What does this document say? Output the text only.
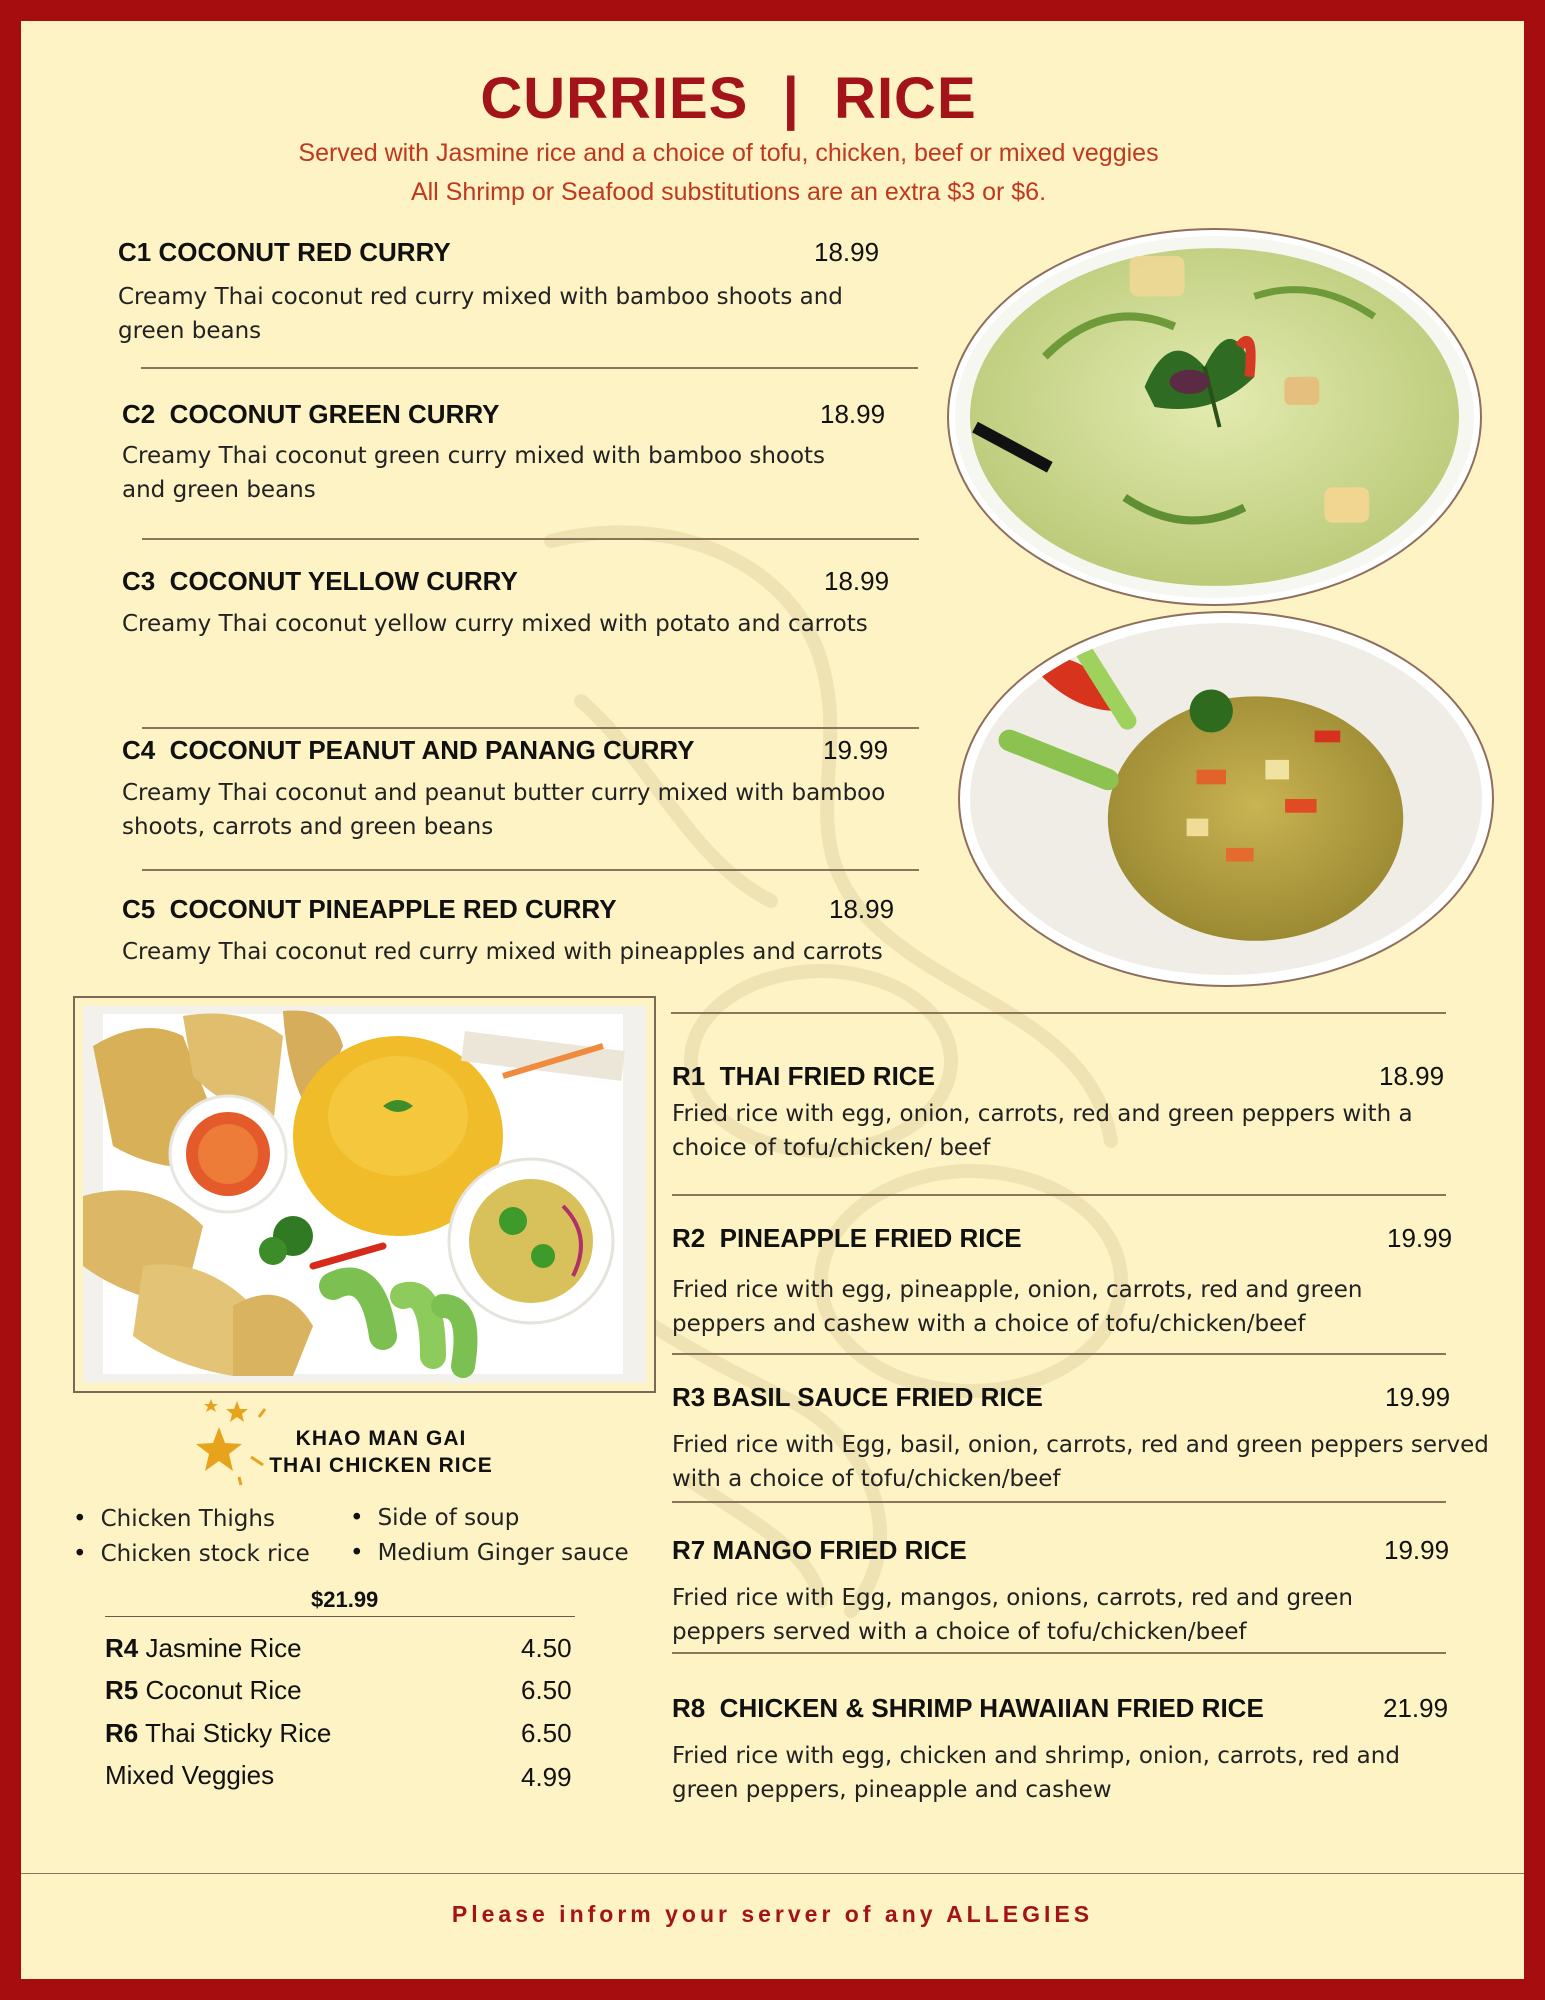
CURRIES  |  RICE
Served with Jasmine rice and a choice of tofu, chicken, beef or mixed veggies
All Shrimp or Seafood substitutions are an extra $3 or $6.
C1 COCONUT RED CURRY	18.99
Creamy Thai coconut red curry mixed with bamboo shoots and green beans
C2  COCONUT GREEN CURRY	18.99
Creamy Thai coconut green curry mixed with bamboo shoots and green beans
C3  COCONUT YELLOW CURRY	18.99
Creamy Thai coconut yellow curry mixed with potato and carrots
C4  COCONUT PEANUT AND PANANG CURRY	19.99
Creamy Thai coconut and peanut butter curry mixed with bamboo shoots, carrots and green beans
C5  COCONUT PINEAPPLE RED CURRY	18.99
Creamy Thai coconut red curry mixed with pineapples and carrots
KHAO MAN GAI
THAI CHICKEN RICE
• Chicken Thighs
• Chicken stock rice
• Side of soup
• Medium Ginger sauce
$21.99
R4 Jasmine Rice	4.50
R5 Coconut Rice	6.50
R6 Thai Sticky Rice	6.50
Mixed Veggies	4.99
R1  THAI FRIED RICE	18.99
Fried rice with egg, onion, carrots, red and green peppers with a choice of tofu/chicken/ beef
R2  PINEAPPLE FRIED RICE	19.99
Fried rice with egg, pineapple, onion, carrots, red and green peppers and cashew with a choice of tofu/chicken/beef
R3 BASIL SAUCE FRIED RICE	19.99
Fried rice with Egg, basil, onion, carrots, red and green peppers served with a choice of tofu/chicken/beef
R7 MANGO FRIED RICE	19.99
Fried rice with Egg, mangos, onions, carrots, red and green peppers served with a choice of tofu/chicken/beef
R8  CHICKEN & SHRIMP HAWAIIAN FRIED RICE	21.99
Fried rice with egg, chicken and shrimp, onion, carrots, red and green peppers, pineapple and cashew
Please inform your server of any ALLEGIES
